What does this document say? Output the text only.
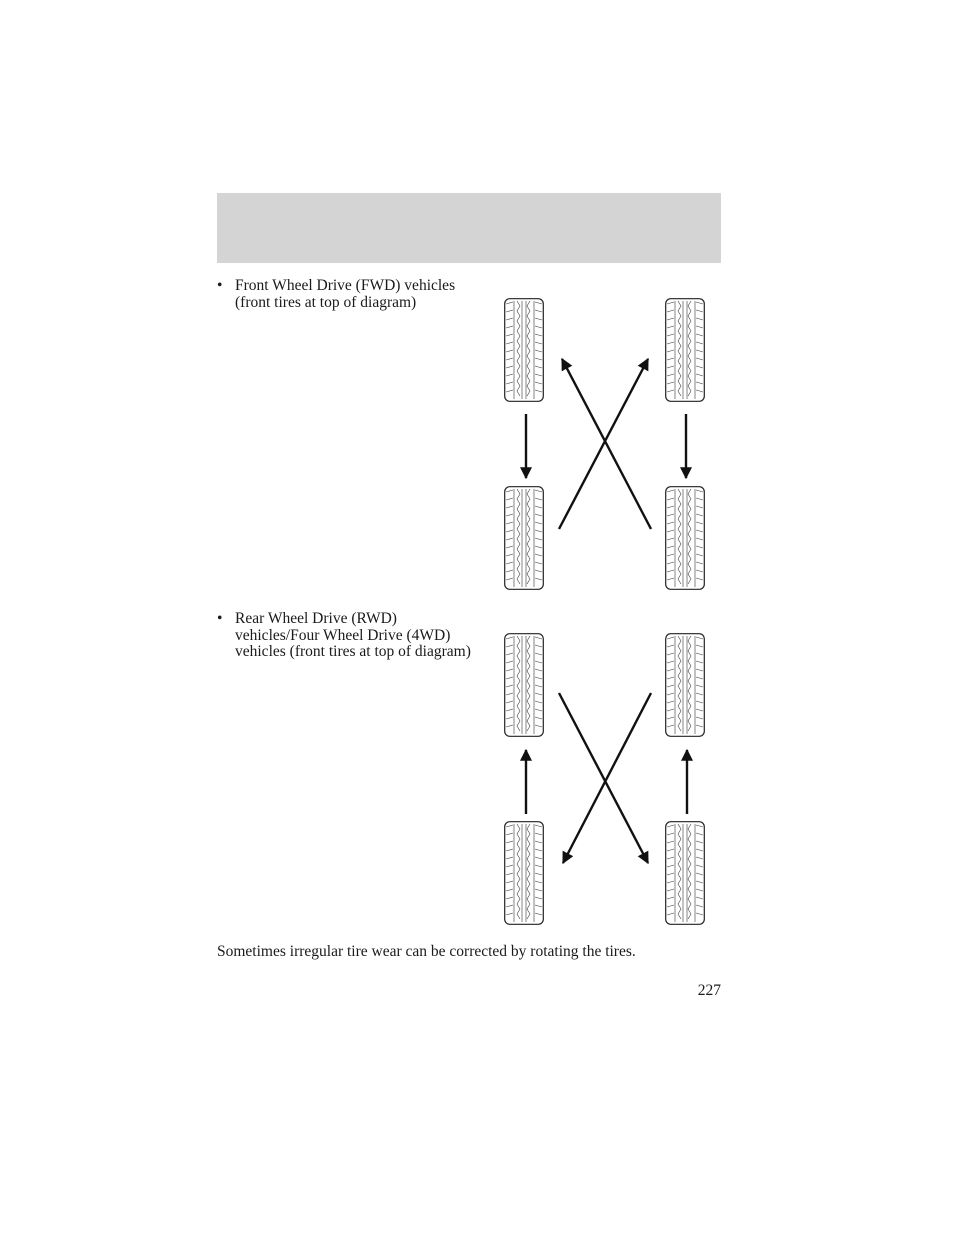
• Front Wheel Drive (FWD) vehicles (front tires at top of diagram)
• Rear Wheel Drive (RWD) vehicles/Four Wheel Drive (4WD) vehicles (front tires at top of diagram)
Sometimes irregular tire wear can be corrected by rotating the tires.
227
